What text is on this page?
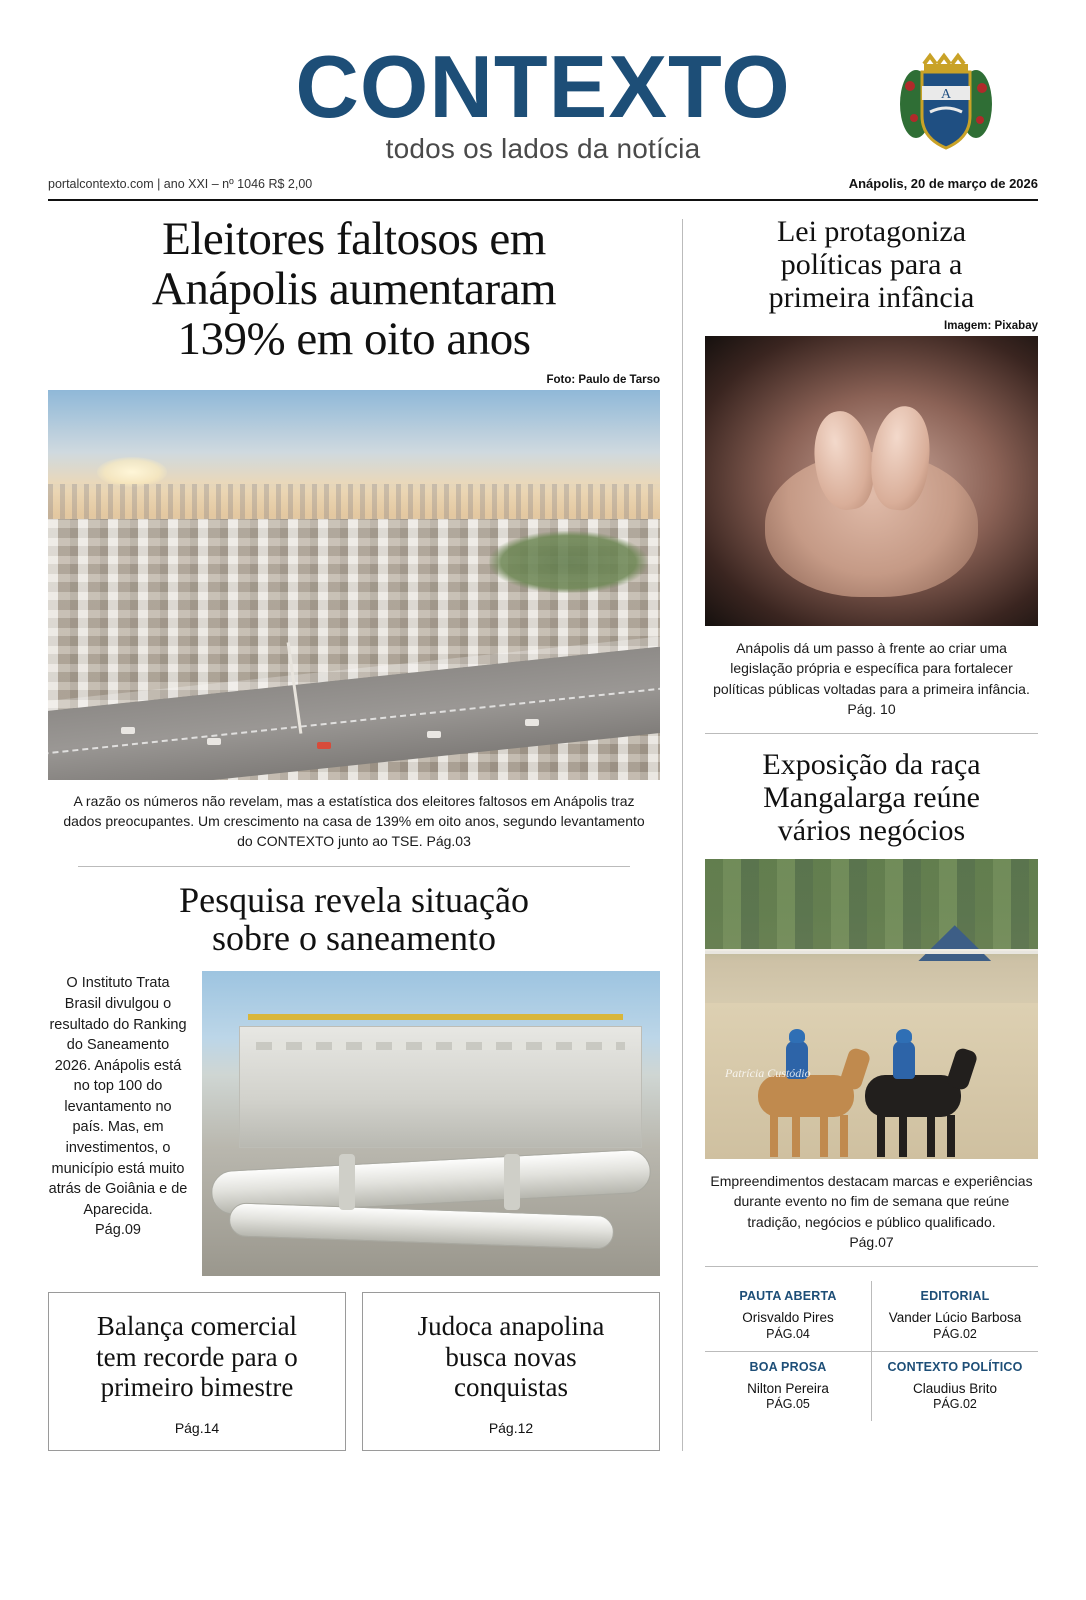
CONTEXTO
todos os lados da notícia
A
portalcontexto.com | ano XXI – nº 1046 R$ 2,00	Anápolis, 20 de março de 2026
Eleitores faltosos em
Anápolis aumentaram
139% em oito anos
Foto: Paulo de Tarso
A razão os números não revelam, mas a estatística dos eleitores faltosos em Anápolis traz dados preocupantes. Um crescimento na casa de 139% em oito anos, segundo levantamento do CONTEXTO junto ao TSE. Pág.03
Pesquisa revela situação
sobre o saneamento
O Instituto Trata Brasil divulgou o resultado do Ranking do Saneamento 2026. Anápolis está no top 100 do levantamento no país. Mas, em investimentos, o município está muito atrás de Goiânia e de Aparecida.
Pág.09
Balança comercial
tem recorde para o
primeiro bimestre
Pág.14
Judoca anapolina
busca novas
conquistas
Pág.12
Lei protagoniza
políticas para a
primeira infância
Imagem: Pixabay
Anápolis dá um passo à frente ao criar uma legislação própria e específica para fortalecer políticas públicas voltadas para a primeira infância.
Pág. 10
Exposição da raça
Mangalarga reúne
vários negócios
Patrícia Custódio
Empreendimentos destacam marcas e experiências durante evento no fim de semana que reúne tradição, negócios e público qualificado.
Pág.07
PAUTA ABERTA
Orisvaldo Pires
PÁG.04
EDITORIAL
Vander Lúcio Barbosa
PÁG.02
BOA PROSA
Nilton Pereira
PÁG.05
CONTEXTO POLÍTICO
Claudius Brito
PÁG.02
